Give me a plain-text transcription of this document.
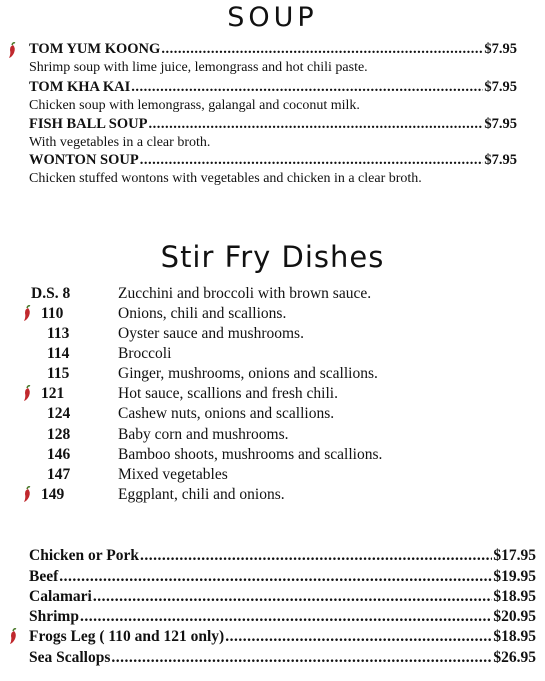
SOUP
TOM YUM KOONG .....	$7.95
Shrimp soup with lime juice, lemongrass and hot chili paste.
TOM KHA KAI .....	$7.95
Chicken soup with lemongrass, galangal and coconut milk.
FISH BALL SOUP .....	$7.95
With vegetables in a clear broth.
WONTON SOUP .....	$7.95
Chicken stuffed wontons with vegetables and chicken in a clear broth.
Stir Fry Dishes
D.S. 8	Zucchini and broccoli with brown sauce.
110	Onions, chili and scallions.
113	Oyster sauce and mushrooms.
114	Broccoli
115	Ginger, mushrooms, onions and scallions.
121	Hot sauce, scallions and fresh chili.
124	Cashew nuts, onions and scallions.
128	Baby corn and mushrooms.
146	Bamboo shoots, mushrooms and scallions.
147	Mixed vegetables
149	Eggplant, chili and onions.
Chicken or Pork .....	$17.95
Beef .....	$19.95
Calamari .....	$18.95
Shrimp .....	$20.95
Frogs Leg ( 110 and 121 only) .....	$18.95
Sea Scallops .....	$26.95
